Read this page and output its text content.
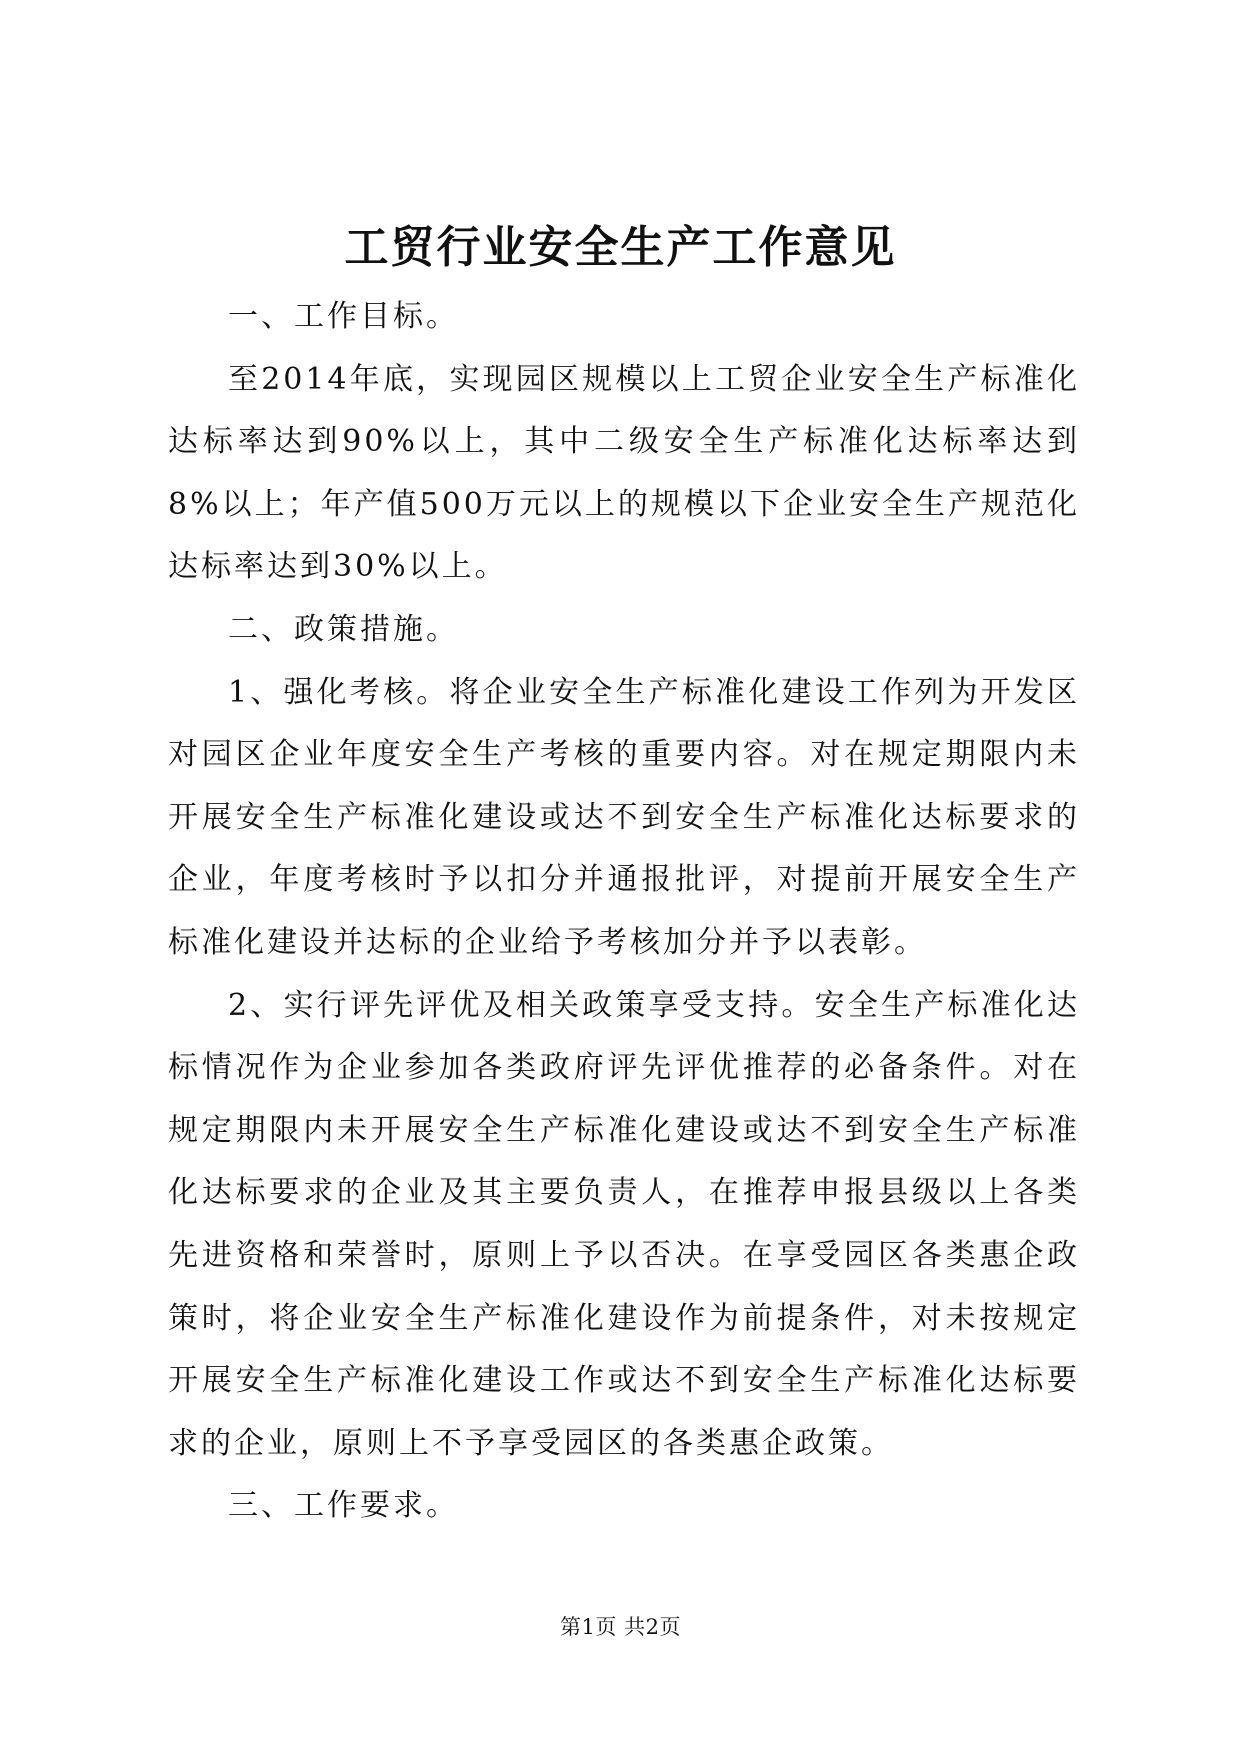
工贸行业安全生产工作意见

一、工作目标。

至2014年底，实现园区规模以上工贸企业安全生产标准化达标率达到90%以上，其中二级安全生产标准化达标率达到8%以上；年产值500万元以上的规模以下企业安全生产规范化达标率达到30%以上。

二、政策措施。

1、强化考核。将企业安全生产标准化建设工作列为开发区对园区企业年度安全生产考核的重要内容。对在规定期限内未开展安全生产标准化建设或达不到安全生产标准化达标要求的企业，年度考核时予以扣分并通报批评，对提前开展安全生产标准化建设并达标的企业给予考核加分并予以表彰。

2、实行评先评优及相关政策享受支持。安全生产标准化达标情况作为企业参加各类政府评先评优推荐的必备条件。对在规定期限内未开展安全生产标准化建设或达不到安全生产标准化达标要求的企业及其主要负责人，在推荐申报县级以上各类先进资格和荣誉时，原则上予以否决。在享受园区各类惠企政策时，将企业安全生产标准化建设作为前提条件，对未按规定开展安全生产标准化建设工作或达不到安全生产标准化达标要求的企业，原则上不予享受园区的各类惠企政策。

三、工作要求。

第1页 共2页
